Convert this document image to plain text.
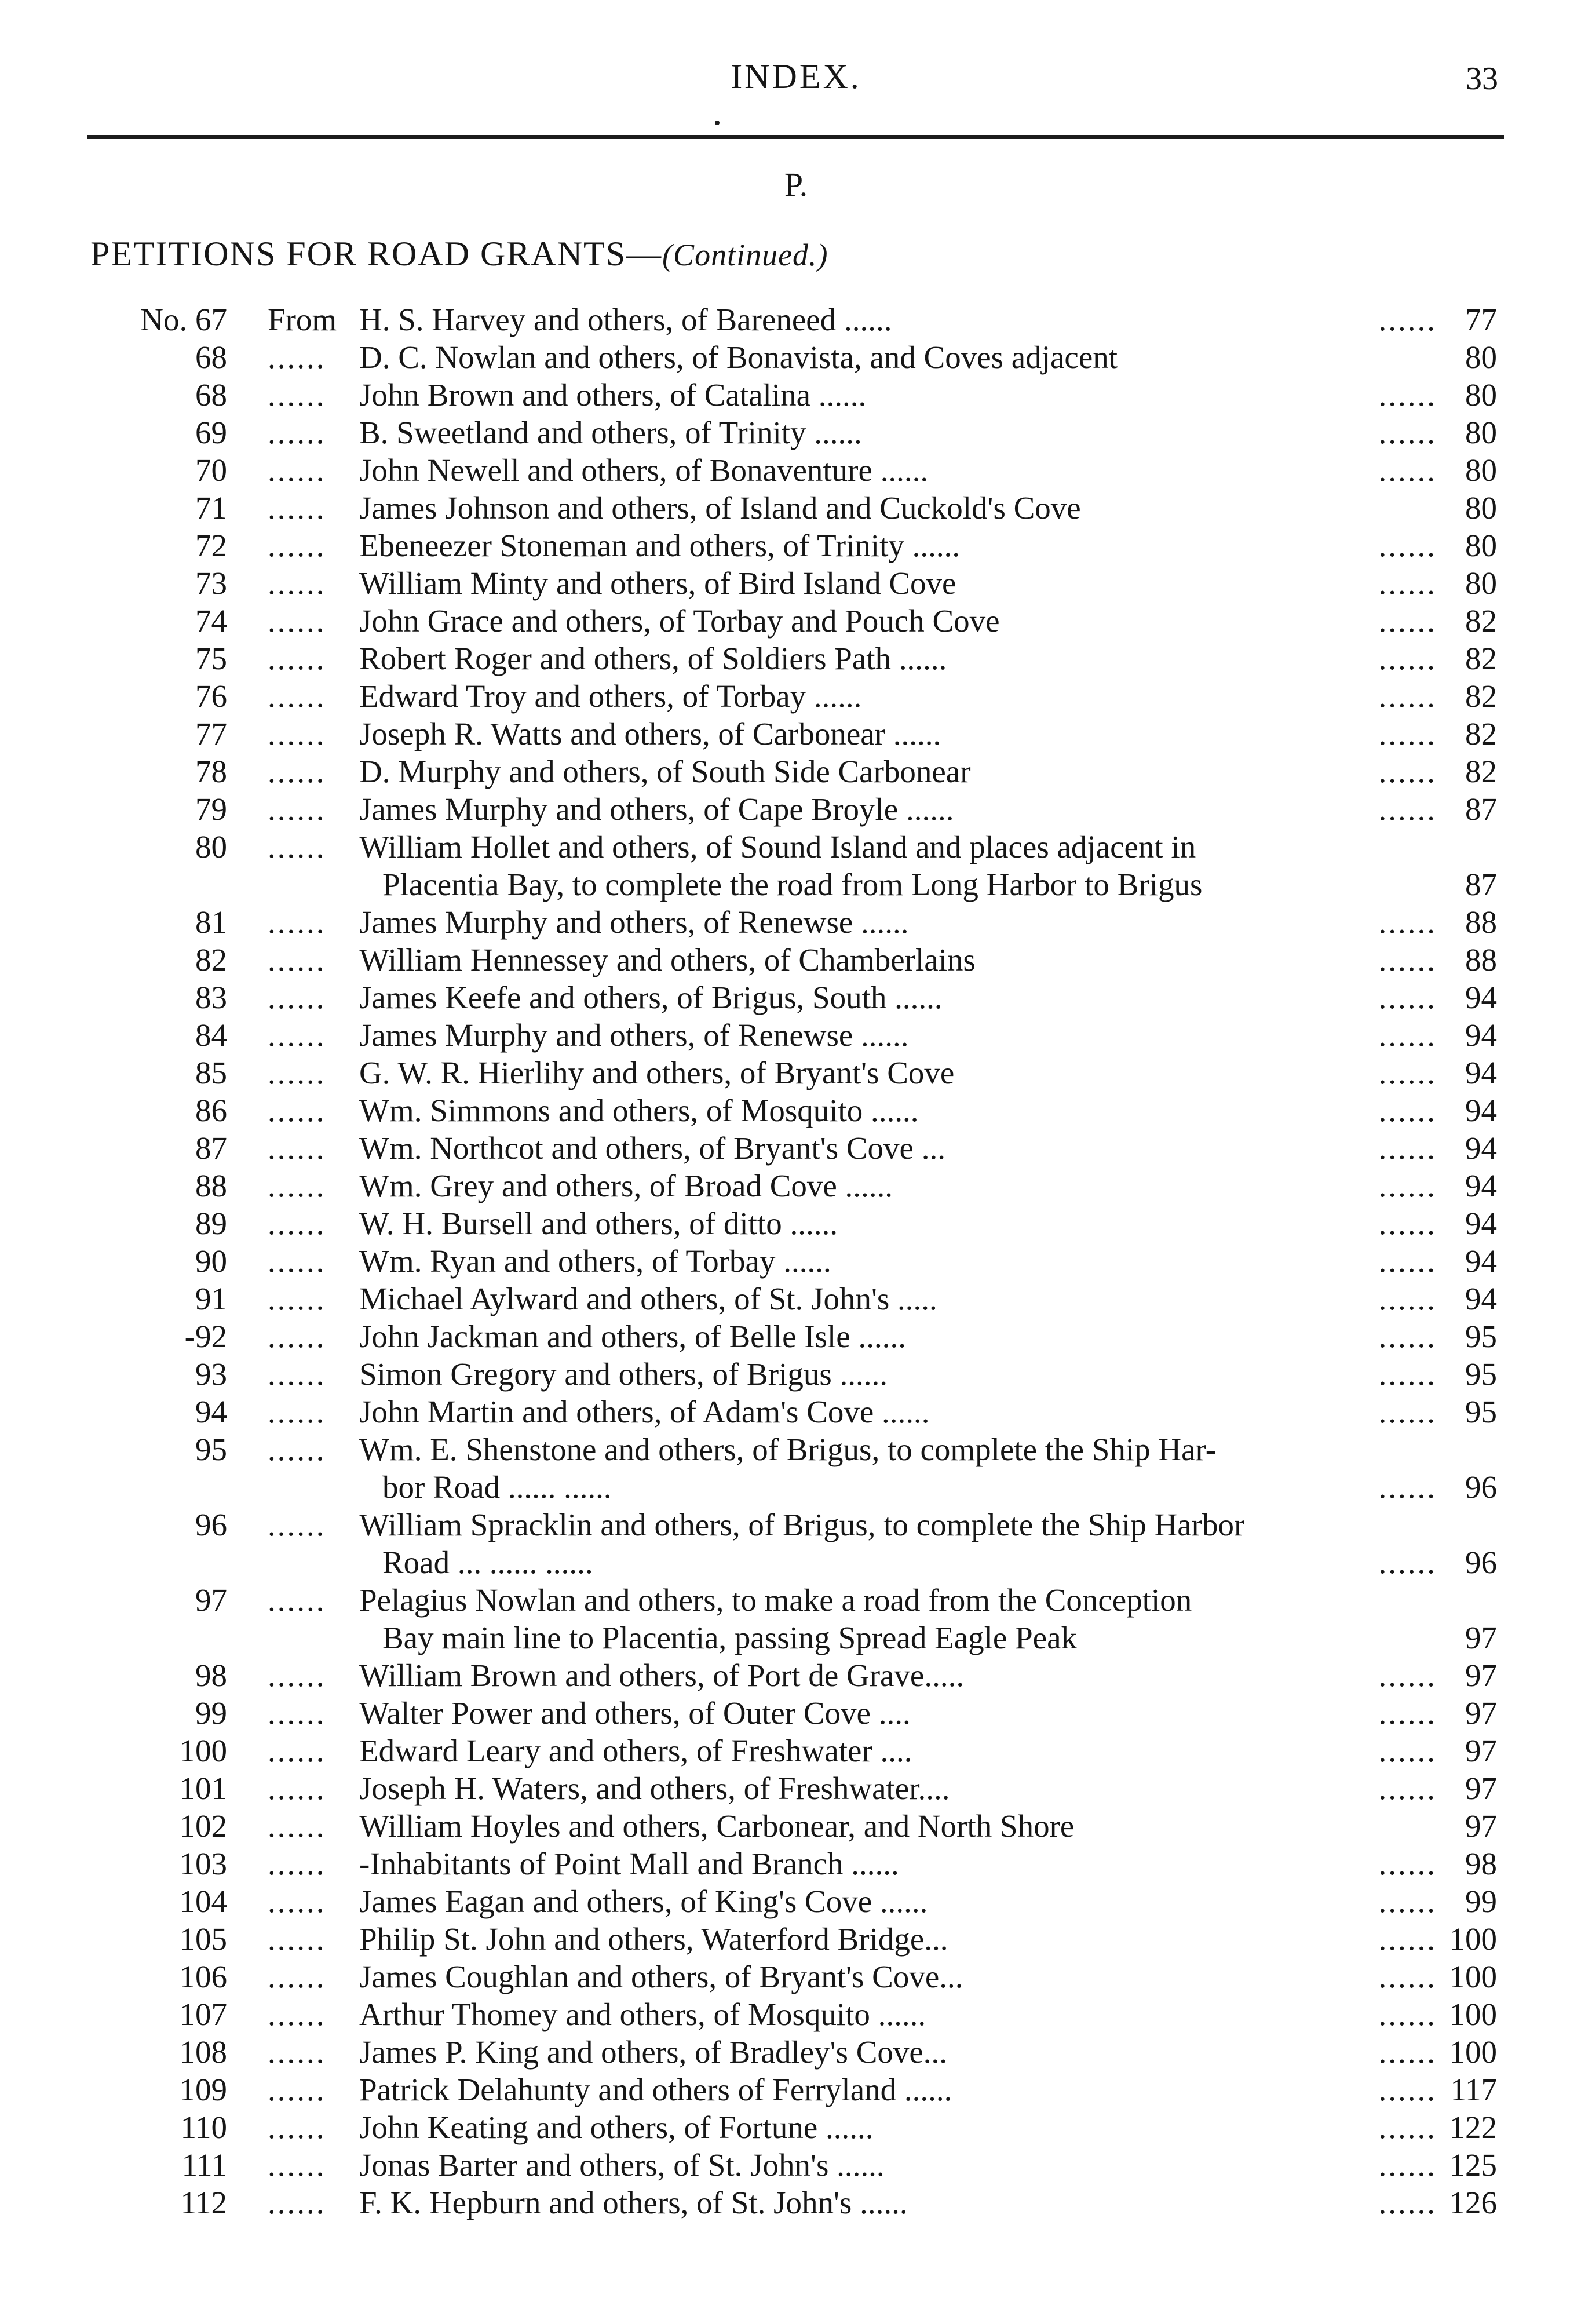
INDEX.	33
P.
PETITIONS FOR ROAD GRANTS—(Continued.)
No. 67 From H. S. Harvey and others, of Bareneed ......	...... 77
68 ...... D. C. Nowlan and others, of Bonavista, and Coves adjacent	80
68 ...... John Brown and others, of Catalina ......	...... 80
69 ...... B. Sweetland and others, of Trinity ......	...... 80
70 ...... John Newell and others, of Bonaventure ......	...... 80
71 ...... James Johnson and others, of Island and Cuckold's Cove	80
72 ...... Ebeneezer Stoneman and others, of Trinity ......	...... 80
73 ...... William Minty and others, of Bird Island Cove	...... 80
74 ...... John Grace and others, of Torbay and Pouch Cove	...... 82
75 ...... Robert Roger and others, of Soldiers Path ......	...... 82
76 ...... Edward Troy and others, of Torbay ......	...... 82
77 ...... Joseph R. Watts and others, of Carbonear ......	...... 82
78 ...... D. Murphy and others, of South Side Carbonear	...... 82
79 ...... James Murphy and others, of Cape Broyle ......	...... 87
80 ...... William Hollet and others, of Sound Island and places adjacent in
Placentia Bay, to complete the road from Long Harbor to Brigus	87
81 ...... James Murphy and others, of Renewse ......	...... 88
82 ...... William Hennessey and others, of Chamberlains	...... 88
83 ...... James Keefe and others, of Brigus, South ......	...... 94
84 ...... James Murphy and others, of Renewse ......	...... 94
85 ...... G. W. R. Hierlihy and others, of Bryant's Cove	...... 94
86 ...... Wm. Simmons and others, of Mosquito ......	...... 94
87 ...... Wm. Northcot and others, of Bryant's Cove ...	...... 94
88 ...... Wm. Grey and others, of Broad Cove ......	...... 94
89 ...... W. H. Bursell and others, of ditto ......	...... 94
90 ...... Wm. Ryan and others, of Torbay ......	...... 94
91 ...... Michael Aylward and others, of St. John's .....	...... 94
-92 ...... John Jackman and others, of Belle Isle ......	...... 95
93 ...... Simon Gregory and others, of Brigus ......	...... 95
94 ...... John Martin and others, of Adam's Cove ......	...... 95
95 ...... Wm. E. Shenstone and others, of Brigus, to complete the Ship Har-
bor Road ...... ......	...... 96
96 ...... William Spracklin and others, of Brigus, to complete the Ship Harbor
Road ... ...... ......	...... 96
97 ...... Pelagius Nowlan and others, to make a road from the Conception
Bay main line to Placentia, passing Spread Eagle Peak	97
98 ...... William Brown and others, of Port de Grave.....	...... 97
99 ...... Walter Power and others, of Outer Cove ....	...... 97
100 ...... Edward Leary and others, of Freshwater ....	...... 97
101 ...... Joseph H. Waters, and others, of Freshwater....	...... 97
102 ...... William Hoyles and others, Carbonear, and North Shore	97
103 ...... -Inhabitants of Point Mall and Branch ......	...... 98
104 ...... James Eagan and others, of King's Cove ......	...... 99
105 ...... Philip St. John and others, Waterford Bridge...	...... 100
106 ...... James Coughlan and others, of Bryant's Cove...	...... 100
107 ...... Arthur Thomey and others, of Mosquito ......	...... 100
108 ...... James P. King and others, of Bradley's Cove...	...... 100
109 ...... Patrick Delahunty and others of Ferryland ......	...... 117
110 ...... John Keating and others, of Fortune ......	...... 122
111 ...... Jonas Barter and others, of St. John's ......	...... 125
112 ...... F. K. Hepburn and others, of St. John's ......	...... 126
